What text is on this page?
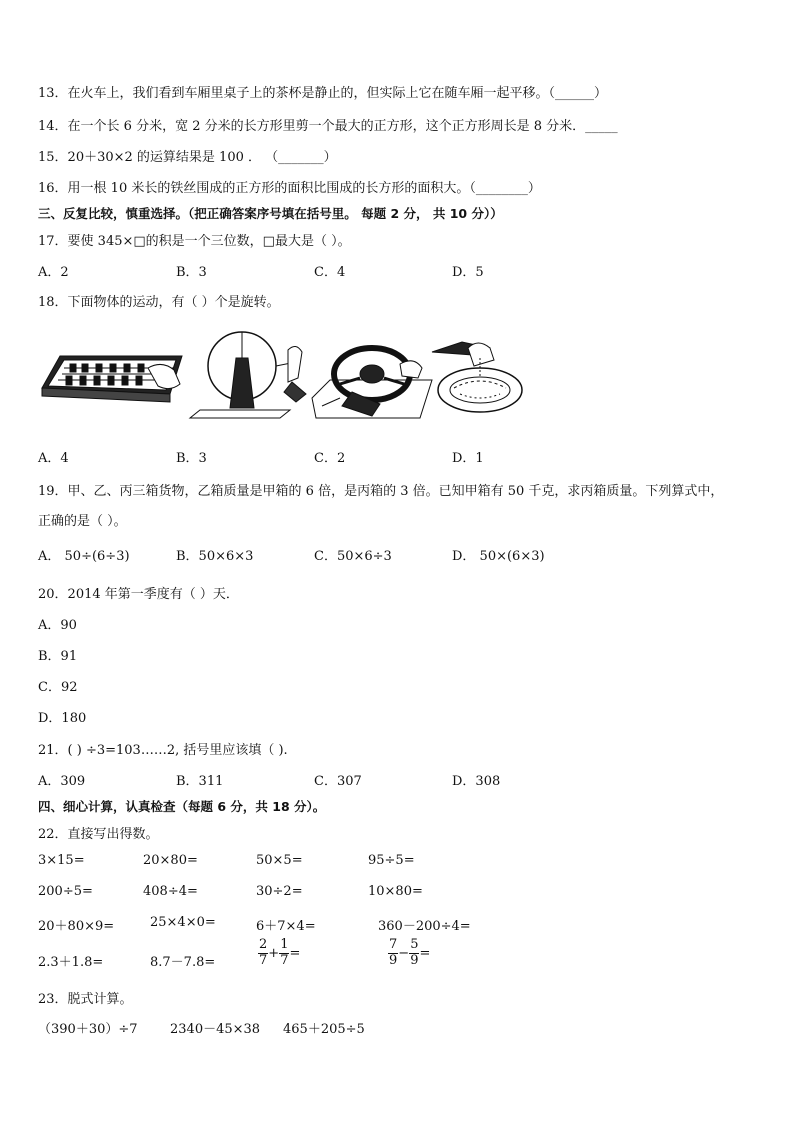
13．在火车上，我们看到车厢里桌子上的茶杯是静止的，但实际上它在随车厢一起平移。（______）
14．在一个长 6 分米，宽 2 分米的长方形里剪一个最大的正方形，这个正方形周长是 8 分米．_____
15．20＋30×2 的运算结果是 100 ． （_______）
16．用一根 10 米长的铁丝围成的正方形的面积比围成的长方形的面积大。（________）
三、反复比较，慎重选择。（把正确答案序号填在括号里。 每题 2 分， 共 10 分））
17．要使 345×□的积是一个三位数，□最大是（ ）。
A．2	B．3	C．4	D．5
18．下面物体的运动，有（ ）个是旋转。
A．4	B．3	C．2	D．1
19．甲、乙、丙三箱货物，乙箱质量是甲箱的 6 倍，是丙箱的 3 倍。已知甲箱有 50 千克，求丙箱质量。下列算式中，
正确的是（ ）。
A． 50÷(6÷3)	B．50×6×3	C．50×6÷3	D． 50×(6×3)
20．2014 年第一季度有（ ）天．
A．90
B．91
C．92
D．180
21．( ) ÷3=103……2, 括号里应该填（ ).
A．309	B．311	C．307	D．308
四、细心计算，认真检查（每题 6 分，共 18 分）。
22．直接写出得数。
3×15=	20×80=	50×5=	95÷5=
200÷5=	408÷4=	30÷2=	10×80=
20＋80×9=	25×4×0=	6＋7×4=	360－200÷4=
2.3＋1.8=	8.7－7.8=	$\frac{2}{7} + \frac{1}{7}$ =	$\frac{7}{9} - \frac{5}{9}$ =
23．脱式计算。
（390＋30）÷7 2340－45×38 465＋205÷5
